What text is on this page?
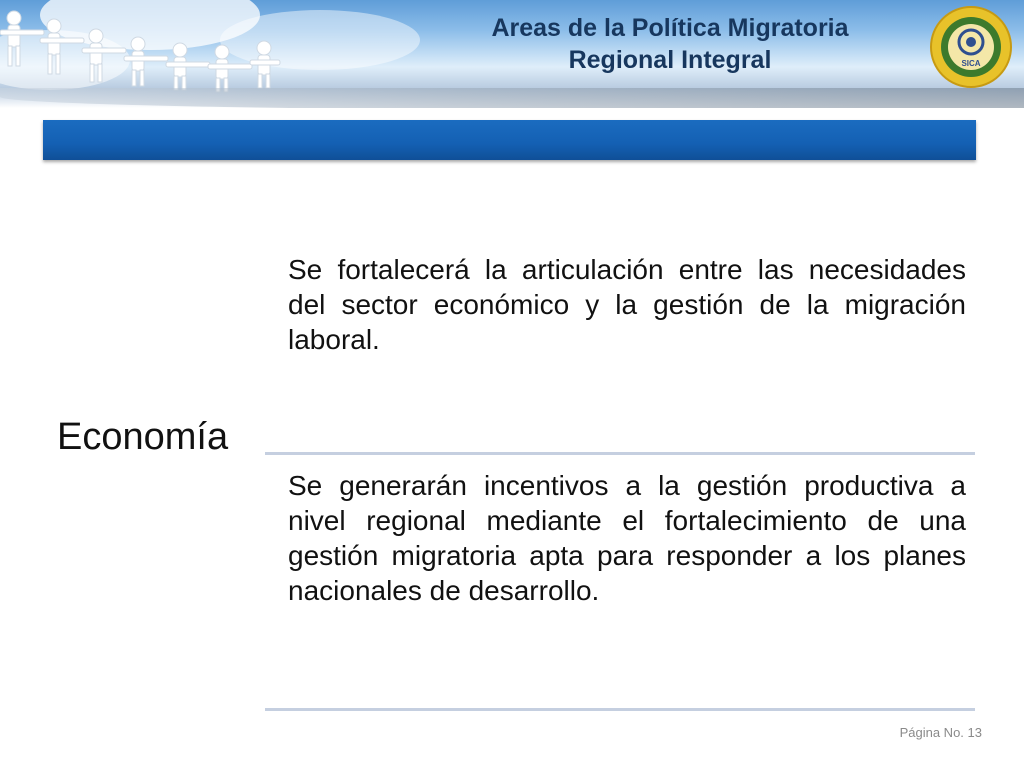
Areas de la Política Migratoria
Regional Integral	SICA
Se fortalecerá la articulación entre las necesidades del sector económico y la gestión de la migración laboral.
Economía
Se generarán incentivos a la gestión productiva a nivel regional mediante el fortalecimiento de una gestión migratoria apta para responder a los planes nacionales de desarrollo.
Página No. 13
